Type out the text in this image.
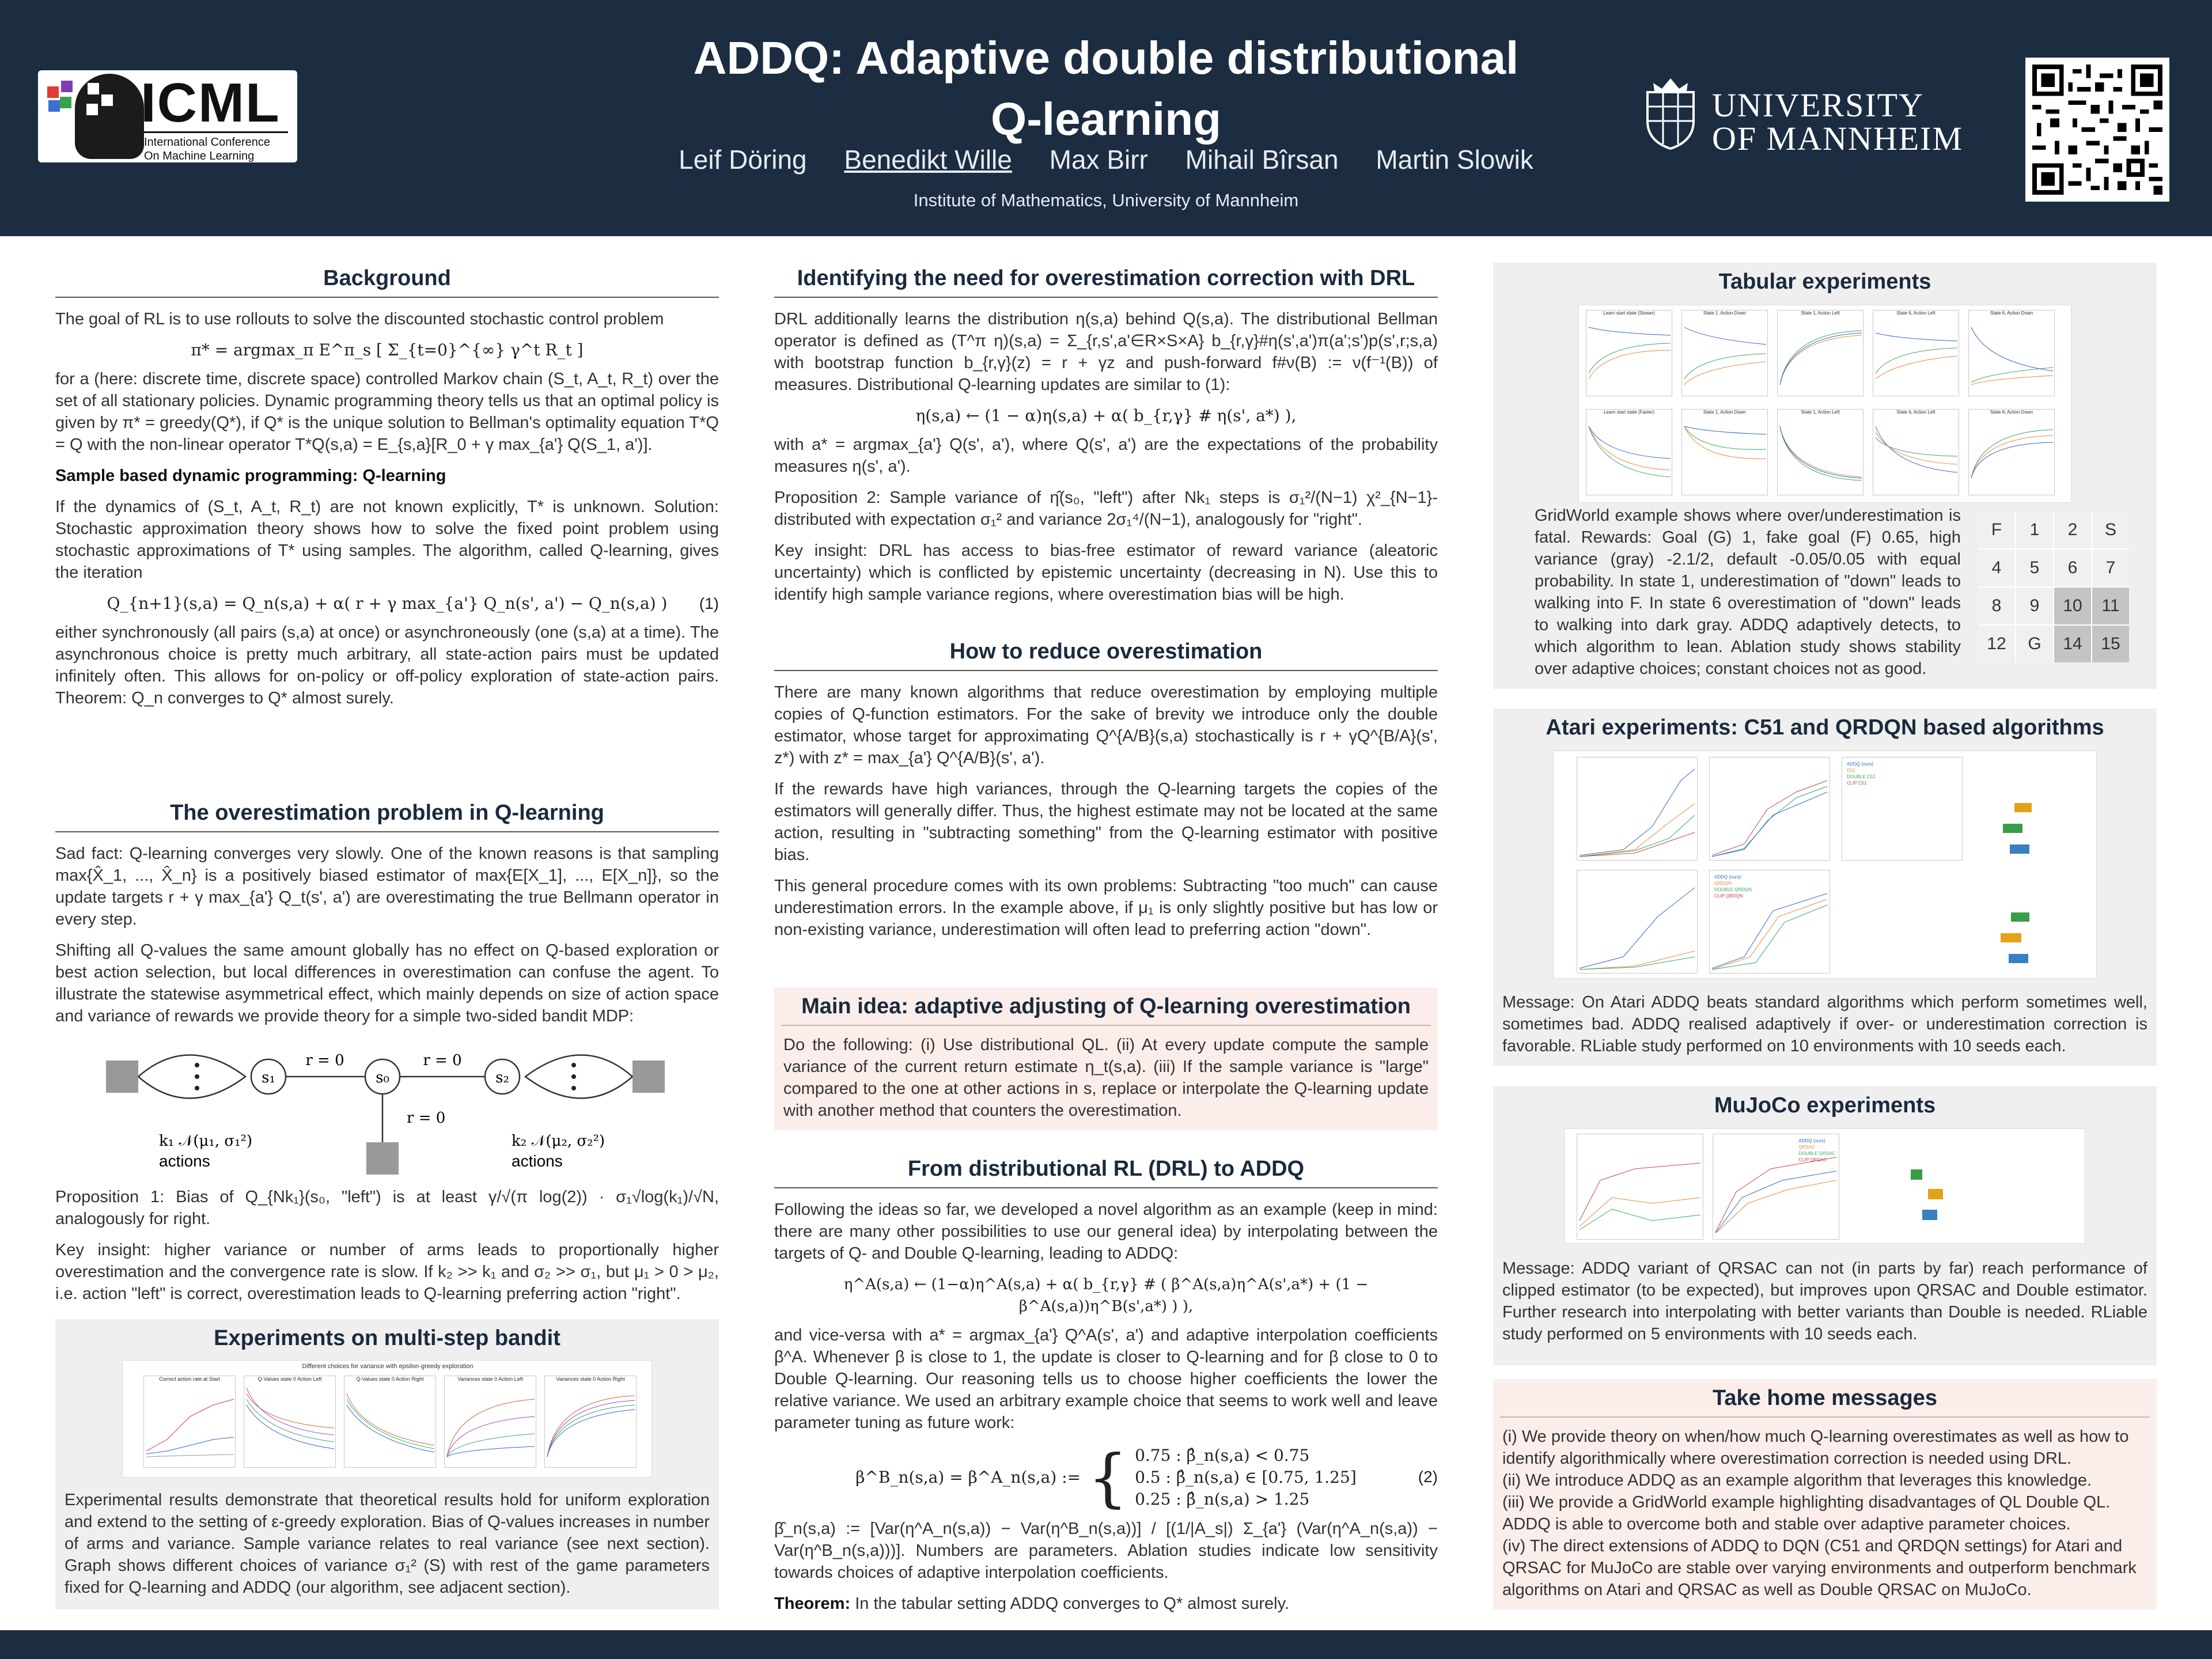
ICML
International Conference On Machine Learning
ADDQ: Adaptive double distributional
Q-learning
Leif Döring Benedikt Wille Max Birr Mihail Bîrsan Martin Slowik
Institute of Mathematics, University of Mannheim
UNIVERSITY
OF MANNHEIM
Background

The goal of RL is to use rollouts to solve the discounted stochastic control problem

π* = argmax_π E^π_s [ Σ_{t=0}^{∞} γ^t R_t ]

for a (here: discrete time, discrete space) controlled Markov chain (S_t, A_t, R_t) over the set of all stationary policies. Dynamic programming theory tells us that an optimal policy is given by π* = greedy(Q*), if Q* is the unique solution to Bellman's optimality equation T*Q = Q with the non-linear operator T*Q(s,a) = E_{s,a}[R_0 + γ max_{a'} Q(S_1, a')].

Sample based dynamic programming: Q-learning

If the dynamics of (S_t, A_t, R_t) are not known explicitly, T* is unknown. Solution: Stochastic approximation theory shows how to solve the fixed point problem using stochastic approximations of T* using samples. The algorithm, called Q-learning, gives the iteration

Q_{n+1}(s,a) = Q_n(s,a) + α( r + γ max_{a'} Q_n(s', a') − Q_n(s,a) ) (1)

either synchronously (all pairs (s,a) at once) or asynchroneously (one (s,a) at a time). The asynchronous choice is pretty much arbitrary, all state-action pairs must be updated infinitely often. This allows for on-policy or off-policy exploration of state-action pairs. Theorem: Q_n converges to Q* almost surely.

The overestimation problem in Q-learning

Sad fact: Q-learning converges very slowly. One of the known reasons is that sampling max{X̂_1, ..., X̂_n} is a positively biased estimator of max{E[X_1], ..., E[X_n]}, so the update targets r + γ max_{a'} Q_t(s', a') are overestimating the true Bellmann operator in every step.

Shifting all Q-values the same amount globally has no effect on Q-based exploration or best action selection, but local differences in overestimation can confuse the agent. To illustrate the statewise asymmetrical effect, which mainly depends on size of action space and variance of rewards we provide theory for a simple two-sided bandit MDP:

s₁	s₀	s₂
r = 0	r = 0
r = 0
k₁ 𝒩(μ₁, σ₁²)
actions
k₂ 𝒩(μ₂, σ₂²)
actions

Proposition 1: Bias of Q_{Nk₁}(s₀, "left") is at least γ/√(π log(2)) · σ₁√log(k₁)/√N, analogously for right.

Key insight: higher variance or number of arms leads to proportionally higher overestimation and the convergence rate is slow. If k₂ >> k₁ and σ₂ >> σ₁, but μ₁ > 0 > μ₂, i.e. action "left" is correct, overestimation leads to Q-learning preferring action "right".

Experiments on multi-step bandit
Different choices for variance with epsilon-greedy exploration
Correct action rate at Start	Q-Values state 0 Action Left	Q-Values state 0 Action Right	Variances state 0 Action Left	Variances state 0 Action Right
Experimental results demonstrate that theoretical results hold for uniform exploration and extend to the setting of ε-greedy exploration. Bias of Q-values increases in number of arms and variance. Sample variance relates to real variance (see next section). Graph shows different choices of variance σ₁² (S) with rest of the game parameters fixed for Q-learning and ADDQ (our algorithm, see adjacent section).
Identifying the need for overestimation correction with DRL

DRL additionally learns the distribution η(s,a) behind Q(s,a). The distributional Bellman operator is defined as (T^π η)(s,a) = Σ_{r,s',a'∈R×S×A} b_{r,γ}#η(s',a')π(a';s')p(s',r;s,a) with bootstrap function b_{r,γ}(z) = r + γz and push-forward f#ν(B) := ν(f⁻¹(B)) of measures. Distributional Q-learning updates are similar to (1):

η(s,a) ← (1 − α)η(s,a) + α( b_{r,γ} # η(s', a*) ),

with a* = argmax_{a'} Q(s', a'), where Q(s', a') are the expectations of the probability measures η(s', a').

Proposition 2: Sample variance of η̂(s₀, "left") after Nk₁ steps is σ₁²/(N−1) χ²_{N−1}-distributed with expectation σ₁² and variance 2σ₁⁴/(N−1), analogously for "right".

Key insight: DRL has access to bias-free estimator of reward variance (aleatoric uncertainty) which is conflicted by epistemic uncertainty (decreasing in N). Use this to identify high sample variance regions, where overestimation bias will be high.

How to reduce overestimation

There are many known algorithms that reduce overestimation by employing multiple copies of Q-function estimators. For the sake of brevity we introduce only the double estimator, whose target for approximating Q^{A/B}(s,a) stochastically is r + γQ^{B/A}(s', z*) with z* = max_{a'} Q^{A/B}(s', a').

If the rewards have high variances, through the Q-learning targets the copies of the estimators will generally differ. Thus, the highest estimate may not be located at the same action, resulting in "subtracting something" from the Q-learning estimator with positive bias.

This general procedure comes with its own problems: Subtracting "too much" can cause underestimation errors. In the example above, if μ₁ is only slightly positive but has low or non-existing variance, underestimation will often lead to preferring action "down".

Main idea: adaptive adjusting of Q-learning overestimation
Do the following: (i) Use distributional QL. (ii) At every update compute the sample variance of the current return estimate η_t(s,a). (iii) If the sample variance is "large" compared to the one at other actions in s, replace or interpolate the Q-learning update with another method that counters the overestimation.
From distributional RL (DRL) to ADDQ

Following the ideas so far, we developed a novel algorithm as an example (keep in mind: there are many other possibilities to use our general idea) by interpolating between the targets of Q- and Double Q-learning, leading to ADDQ:

η^A(s,a) ← (1−α)η^A(s,a) + α( b_{r,γ} # ( β^A(s,a)η^A(s',a*) + (1 − β^A(s,a))η^B(s',a*) ) ),

and vice-versa with a* = argmax_{a'} Q^A(s', a') and adaptive interpolation coefficients β^A. Whenever β is close to 1, the update is closer to Q-learning and for β close to 0 to Double Q-learning. Our reasoning tells us to choose higher coefficients the lower the relative variance. We used an arbitrary example choice that seems to work well and leave parameter tuning as future work:

β^B_n(s,a) = β^A_n(s,a) := { 0.75 : β̂_n(s,a) < 0.75
0.5 : β̂_n(s,a) ∈ [0.75, 1.25]
0.25 : β̂_n(s,a) > 1.25
(2)

β̂_n(s,a) := [Var(η^A_n(s,a)) − Var(η^B_n(s,a))] / [(1/|A_s|) Σ_{a'} (Var(η^A_n(s,a)) − Var(η^B_n(s,a)))]. Numbers are parameters. Ablation studies indicate low sensitivity towards choices of adaptive interpolation coefficients.

Theorem: In the tabular setting ADDQ converges to Q* almost surely.

Tabular experiments
Learn start state (Slower)	State 1, Action Down	State 1, Action Left	State 6, Action Left	State 6, Action Down
Learn start state (Faster)	State 1, Action Down	State 1, Action Left	State 6, Action Left	State 6, Action Down
GridWorld example shows where over/underestimation is fatal. Rewards: Goal (G) 1, fake goal (F) 0.65, high variance (gray) -2.1/2, default -0.05/0.05 with equal probability. In state 1, underestimation of "down" leads to walking into F. In state 6 overestimation of "down" leads to walking into dark gray. ADDQ adaptively detects, to which algorithm to lean. Ablation study shows stability over adaptive choices; constant choices not as good.
F	1	2	S
4	5	6	7
8	9	10	11
12	G	14	15
Atari experiments: C51 and QRDQN based algorithms
ADDQ (ours)
QRDQN
DOUBLE QRDQN
CLIP QRDQN
ADDQ (ours)
C51
DOUBLE C51
CLIP C51
Message: On Atari ADDQ beats standard algorithms which perform sometimes well, sometimes bad. ADDQ realised adaptively if over- or underestimation correction is favorable. RLiable study performed on 10 environments with 10 seeds each.
MuJoCo experiments
ADDQ (ours)
QRSAC
DOUBLE QRSAC
CLIP QRSAC
Message: ADDQ variant of QRSAC can not (in parts by far) reach performance of clipped estimator (to be expected), but improves upon QRSAC and Double estimator. Further research into interpolating with better variants than Double is needed. RLiable study performed on 5 environments with 10 seeds each.
Take home messages
(i) We provide theory on when/how much Q-learning overestimates as well as how to identify algorithmically where overestimation correction is needed using DRL.
(ii) We introduce ADDQ as an example algorithm that leverages this knowledge.
(iii) We provide a GridWorld example highlighting disadvantages of QL Double QL. ADDQ is able to overcome both and stable over adaptive parameter choices.
(iv) The direct extensions of ADDQ to DQN (C51 and QRDQN settings) for Atari and QRSAC for MuJoCo are stable over varying environments and outperform benchmark algorithms on Atari and QRSAC as well as Double QRSAC on MuJoCo.
